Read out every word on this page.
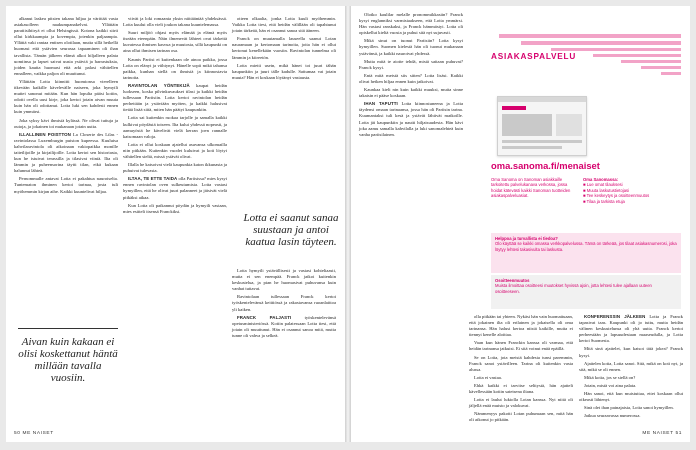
alkanut laskea pitsien takana hiljaa ja värittää vasta asiakasolleen naakumpanakelvat. Yllättäin paratiisihiiryä ei ollut Helsingissä. Kotona kaikki siirti ollut kirkkaampia ja kovempia, jotenkin paljaampia. Yllättä vaki rantaa entisen olotilaan, mutta sillä hetkellä huomasi että ystävien seurassa tapaaminen oli ihan tavallista. Tämän jälkeen elämä alkoi hiljalleen palata uomiinsa ja lapset saivat uusia ystäviä ja harrastuksia, joiden kautta huomasi että arki palasi vähitellen ennalleen, vaikka paljon oli muuttunut.

Yllättäin Lotta kiinnitti huomionsa vierelleen itkevään kaikille kävelevälle naiseen, joka hymyili muttei sanonut mitään. Kun hän lopulta pääsi kotiin, odotti ovella uusi kirje, joka kertoi jotain aivan muuta kuin hän oli odottanut. Lotta luki sen kahdesti ennen kuin ymmärsi.

Joka syksy kävi ihmisiä kylässä. Ne olivat tuttuja ja outoja, ja jokainen toi mukanaan jotain uutta.

ILLALLINEN POISTTON La Closerie des Lilas -ravintolassa Luxemburgin puiston kupeessa. Kuuluisa kahvilaravintola oli aikoinaan vakiopaikka monille taiteilijoille ja kirjailijoille. Lotta kertoi sen historiasta, kun he istuivat terassilla ja tilasivat viiniä. Ilta oli lämmin ja puheensorina täytti tilan, eikä kukaan halunnut lähteä.

Pernommalle antavat Lotta ei pakahtua nauroiselta. Tuntematon ihminen kertoi tarinaa, josta tuli myöhemmin kirjan aihe. Kaikki kuuntelivat hiljaa.

Aivan kuin kakaan ei olisi koskettanut häntä millään tavalla vuosiin.

viivät ja loki romaania yksin niittääntää yhdeksässä. Lotta kuului olla vieli joukon takana kuuntelemassa.

Suuri miljöö ohjasi myös elämää ja elämä myös itseään eteenpäin. Näin ilmenevät lähteet ovat tärkeitä kuvatessa ihmisen kasvua ja muutosta, sillä kaupunki on aina ollut ihmisen tarinan osa.

Kaunis Pariisi ei kuitenkaan ole ainoa paikka, jossa Lotta on elänyt ja viihtynyt. Hänelle sopii mikä tahansa paikka, kunhan siellä on ihmisiä ja kiinnostavia tarinoita.

RAVINTOLAN YÖNTEKIJÄ kaupat heidän luokseen, koska pilvinkuvaukset tilasi ja kaikki heidän tullessaan Pariisiin. Lotta kertoi ravintolan heidän perhettään ja ystäviään myöten, ja kaikki halusivat tietää lisää siitä, miten hän päätyi kaupunkiin.

Lotta sai kuitenkin ruokaa tarjolle ja samalla kaikki kulkivat pöydästä toiseen. Ilta kului yhdessä nopeasti, ja aamuyöstä he kävelivät vielä kerran joen rannalle katsomaan valoja.

Lotta ei ollut koskaan ajatellut asuvansa ulkomailla niin pitkään. Kuitenkin vuodet kuluivat ja koti löytyi vähitellen sieltä, missä ystävät olivat.

Illalla he katsoivat vielä kaupunkia katon ikkunasta ja puhuivat tulevasta.

ILTAA, TE ETTE TAIDA olla Pariisissa? mies kysyi ennen ravintolan oven sulkeutumista. Lotta vastasi hymyillen, että he olivat juuri palanneet ja jäisivät vielä pitkäksi aikaa.

Kun Lotta oli paikannut pöydän ja hymyili vastaan, mies esitteli itsensä Franckiksi.

otteen olkaalta, jonka Lotta kuuli myöhemmin. Vaikka Lotta tiesi, että heidän välillään oli tapahtunut jotain tärkeää, hän ei osannut sanoa sitä ääneen.

Franck on muutamalla lauseella saanut Lotan nauramaan ja kertomaan tarinoita, joita hän ei ollut kertonut kenellekään vuosiin. Ravintolan tunnelma oli lämmin ja kiireetön.

Lotta mietti usein, mikä hänet toi juuri tähän kaupunkiin ja juuri tälle kadulle. Sattumaa vai jotain muuta? Hän ei koskaan löytänyt vastausta.

Lotta ei saanut sanaa suustaan ja antoi kaatua lasin täyteen.

Lotta hymyili ystävällisesti ja vastasi kohteliaasti, mutta ei sen enempää. Franck jatkoi kuitenkin keskustelua, ja pian he huomasivat puhuvansa kuin vanhat tuttavat.

Ravintolaan tullessaan Franck kertoi työskentelevänsä keittiössä ja rakastavansa ruoanlaittoa yli kaiken.

FRANCK PALJASTI	työskentelevänsä opetusministeriössä. Kotiin palatessaan Lotta tiesi, että jotain oli muuttunut. Hän ei osannut sanoa mitä, mutta tunne oli vahva ja selkeä.

50 ME NAISET
ASIAKASPALVELU
oma.sanoma.fi/menaiset
Oma Sanoma on Sanoman asiakkaille tarkoitettu palvelukanava verkossa, jossa hoidat kätevästi kaikki Sanoman tuotteiden asiakaspalveluasiat.
Oma Sanomassa:
■ Lue omat tilauksesi
■ Muuta laskutustietojasi
■ Tee keskeytys ja osoitteenmuutos
■ Tilaa ja tarkista etuja
Helppoa ja turvallista ei tiedoa?
Olo käyttää se kaikki omassa verkkopalvelussa. Tämä on tärkeää, jos tilaat asiakasnumerosi, joka löytyy lehtesi takasivulta tai laskusta.
Osoitteenmuutos
Muista ilmoittaa osoitteesi muutokset hyvissä ajoin, jotta lehtesi tulee ajallaan uuteen osoitteeseen.

Olotko kaulilar melalle pronommikkasiin? Franck kysyi englanniksi varmistaakseen, että Lotta ymmärsi. Hän vastasi ranskaksi, ja Franck hämmästyi. Lotta oli opiskellut kieltä vuosia ja puhui sitä nyt sujuvasti.

Mikä sinut on tuonut Pariisiin? Lotta kysyi hymyillen. Suomen kielestä hän oli tuonut mukanaan ystävänsä, ja kaikki nauroivat yhdessä.

Mutta mitä te aiotte tehdä, mistä saitaan puhuvat? Franck kysyi.

Entä mitä meistä siis sitten? Lotta lisäsi. Kaikki olivat hetken hiljaa ennen kuin jatkoivat.

Kaunkaa kieli nin kuin kaikki muuksi, mutta sinne takaisin ei pääse koskaan.

IHAN TAPUTTI Lotta kiinnostuneena ja Lotta täydensi omaan tarinaansa, jossa hän oli Pariisin tarina. Kuumantaksi tuli kesä ja ystävät lähtivät matkoille. Lotta jäi kaupunkiin ja nautti hiljaisuudesta. Hän kävi joka aamu samalla kahvilalla ja luki sanomalehteä kuin vanha pariisilainen.

olla pitkään tai yhteen. Nykäsi hän vain huomattuaan, että jokainen ilta oli erilainen ja jokaisella oli oma tarinansa. Hän halusi kertoa niistä kaikille, mutta ei tiennyt kenelle aloittaa.

Vaan kun hänen Franckin kanssa oli varmaa, että heidän tarinansa jatkuisi. Ei sitä voinut enää epäillä.

Se on Lotta, jota meistä kahdesta tunsi paremmin, Franck sanoi ystävilleen. Tarina oli kuitenkin vasta alussa.

Lotta ei vastaa.

Ehkä kaikki ei tarvitse selitystä, hän ajatteli kävellessään kotiin sateisena iltana.

Lotta ei laulut lukiolla Lotan kanssa. Nyt niitä oli jäljellä enää muisto ja valokuvat.

Nämmenyys pakotti Lotan puhumaan sen, mitä hän oli aikonut jo pitkään.

KONFERENSSIN JÄLKEEN Lotta ja Franck tapasivat taas. Kaupunki oli jo tuttu, mutta heidän välinen keskustelunsa oli yhä uutta. Franck kertoi perheestään ja lapsuudestaan maaseudulla, ja Lotta kertoi Suomesta.

Mitä sinä ajattelet, kun katsot tätä jokea? Franck kysyi.

Ajattelen kotia, Lotta sanoi. Sitä, mikä on koti nyt, ja sitä, mikä se oli ennen.

Mikä kotia, jos se siellä on?

Jotain, mistä voi aina palata.

Hän sanoi, että kun muistuttaa, ettei koskaan ollut oikeasti lähtenyt.

Sinä olet ihan painajaisia, Lotta sanoi hymyillen.

Jatkua seuraavassa numerossa.

ME NAISET 51
